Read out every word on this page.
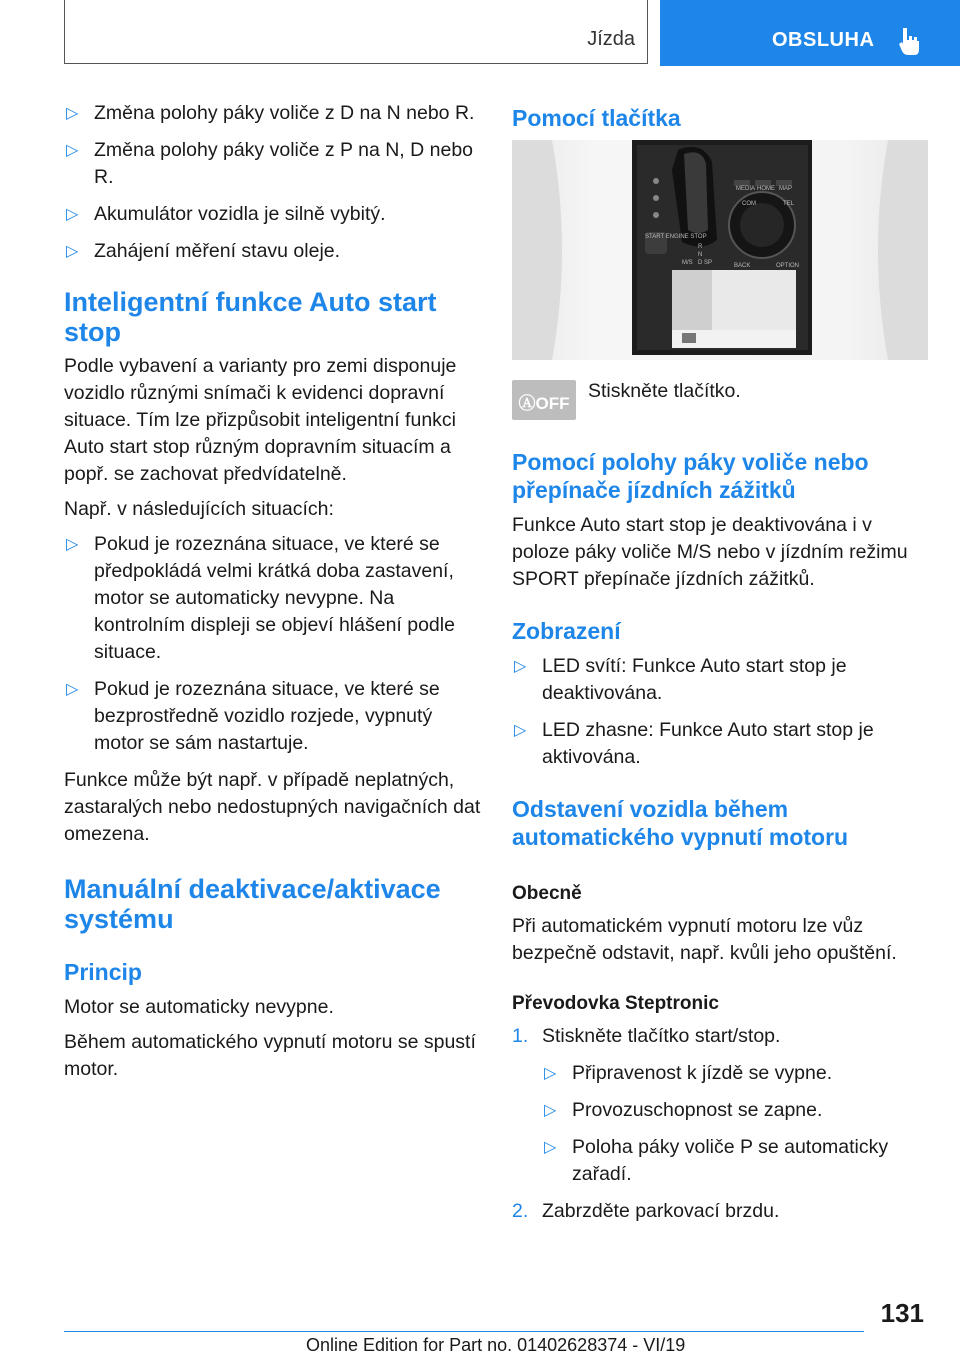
Jízda	OBSLUHA
▷ Změna polohy páky voliče z D na N nebo R.
▷ Změna polohy páky voliče z P na N, D nebo R.
▷ Akumulátor vozidla je silně vybitý.
▷ Zahájení měření stavu oleje.
Inteligentní funkce Auto start stop

Podle vybavení a varianty pro zemi disponuje vozidlo různými snímači k evidenci dopravní situace. Tím lze přizpůsobit inteligentní funkci Auto start stop různým dopravním situacím a popř. se zachovat předvídatelně.

Např. v následujících situacích:

▷ Pokud je rozeznána situace, ve které se předpokládá velmi krátká doba zastavení, motor se automaticky nevypne. Na kontrolním displeji se objeví hlášení podle situace.
▷ Pokud je rozeznána situace, ve které se bezprostředně vozidlo rozjede, vypnutý motor se sám nastartuje.

Funkce může být např. v případě neplatných, zastaralých nebo nedostupných navigačních dat omezena.

Manuální deaktivace/aktivace systému
Princip

Motor se automaticky nevypne.

Během automatického vypnutí motoru se spustí motor.

Pomocí tlačítka
START ENGINE STOP
MEDIA HOME MAP
COM	TEL
BACK	OPTION
R
N
D SP
M/S
ⒶOFF

Stiskněte tlačítko.

Pomocí polohy páky voliče nebo přepínače jízdních zážitků

Funkce Auto start stop je deaktivována i v poloze páky voliče M/S nebo v jízdním režimu SPORT přepínače jízdních zážitků.

Zobrazení
▷ LED svítí: Funkce Auto start stop je deaktivována.
▷ LED zhasne: Funkce Auto start stop je aktivována.
Odstavení vozidla během automatického vypnutí motoru
Obecně

Při automatickém vypnutí motoru lze vůz bezpečně odstavit, např. kvůli jeho opuštění.

Převodovka Steptronic
1. Stiskněte tlačítko start/stop.
▷ Připravenost k jízdě se vypne.
▷ Provozuschopnost se zapne.
▷ Poloha páky voliče P se automaticky zařadí.
2. Zabrzděte parkovací brzdu.
131
Online Edition for Part no. 01402628374 - VI/19
